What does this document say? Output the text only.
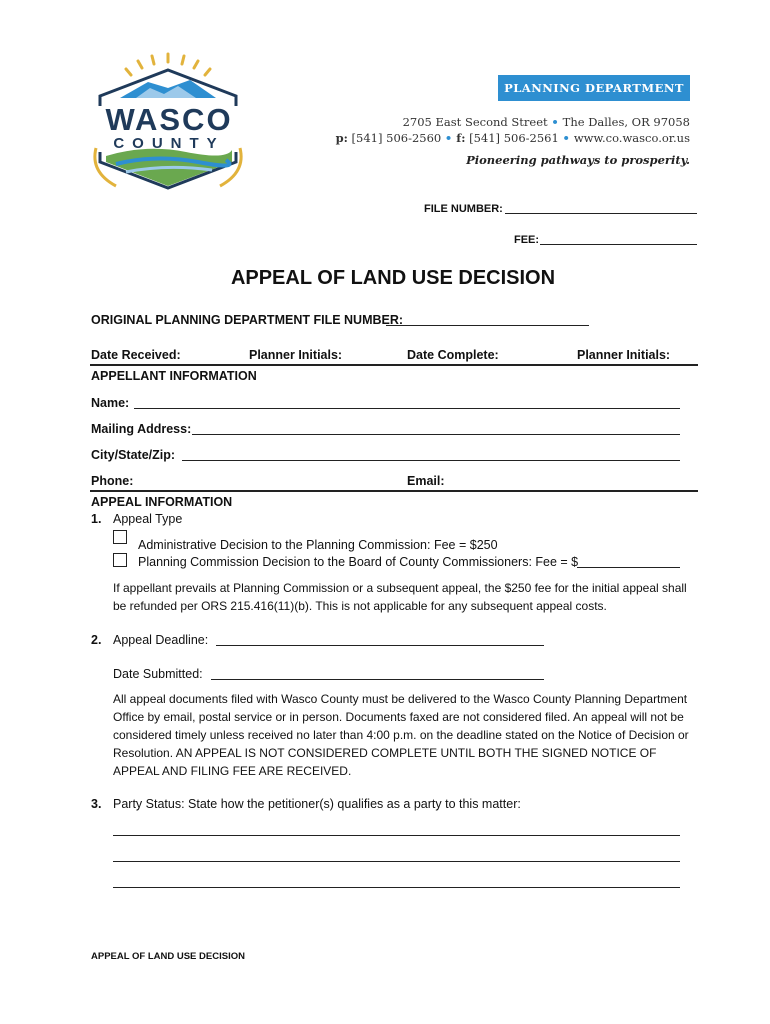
WASCO
COUNTY
PLANNING DEPARTMENT
2705 East Second Street • The Dalles, OR 97058
p: [541] 506-2560 • f: [541] 506-2561 • www.co.wasco.or.us
Pioneering pathways to prosperity.
FILE NUMBER:
FEE:
APPEAL OF LAND USE DECISION
ORIGINAL PLANNING DEPARTMENT FILE NUMBER:
Date Received:	Planner Initials:	Date Complete:	Planner Initials:
APPELLANT INFORMATION
Name:
Mailing Address:
City/State/Zip:
Phone:	Email:
APPEAL INFORMATION
1. Appeal Type
Administrative Decision to the Planning Commission: Fee = $250
Planning Commission Decision to the Board of County Commissioners: Fee = $
If appellant prevails at Planning Commission or a subsequent appeal, the $250 fee for the initial appeal shall be refunded per ORS 215.416(11)(b). This is not applicable for any subsequent appeal costs.
2. Appeal Deadline:
Date Submitted:
All appeal documents filed with Wasco County must be delivered to the Wasco County Planning Department Office by email, postal service or in person. Documents faxed are not considered filed. An appeal will not be considered timely unless received no later than 4:00 p.m. on the deadline stated on the Notice of Decision or Resolution. AN APPEAL IS NOT CONSIDERED COMPLETE UNTIL BOTH THE SIGNED NOTICE OF APPEAL AND FILING FEE ARE RECEIVED.
3. Party Status: State how the petitioner(s) qualifies as a party to this matter:
APPEAL OF LAND USE DECISION
